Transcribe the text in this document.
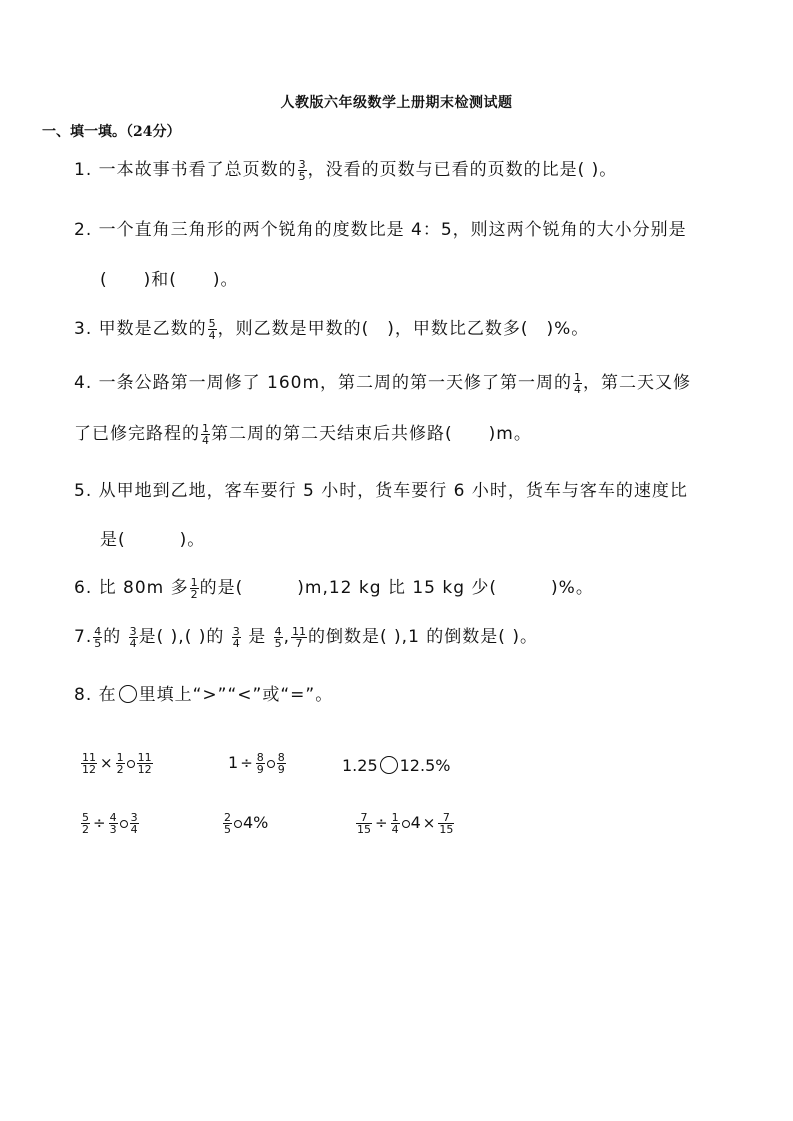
人教版六年级数学上册期末检测试题
一、填一填。（24分）
1. 一本故事书看了总页数的 $\frac{3}{5}$ ，没看的页数与已看的页数的比是( )。
2. 一个直角三角形的两个锐角的度数比是 4：5，则这两个锐角的大小分别是
(　　)和(　　)。
3. 甲数是乙数的 $\frac{5}{4}$ ，则乙数是甲数的(　)，甲数比乙数多(　)%。
4. 一条公路第一周修了 160m，第二周的第一天修了第一周的 $\frac{1}{4}$ ，第二天又修
了已修完路程的 $\frac{1}{4}$ 第二周的第二天结束后共修路(　　)m。
5. 从甲地到乙地，客车要行 5 小时，货车要行 6 小时，货车与客车的速度比
是(　　　)。
6. 比 80m 多 $\frac{1}{2}$ 的是(　　　)m,12 kg 比 15 kg 少(　　　)%。
7. $\frac{4}{5}$ 的 $\frac{3}{4}$ 是( ),( )的 $\frac{3}{4}$ 是 $\frac{4}{5}$ , $\frac{11}{7}$ 的倒数是( ),1 的倒数是( )。
8. 在 里填上“>”“<”或“=”。
$\frac{11}{12} \times \frac{1}{2} \frac{11}{12}$	$1 \div \frac{8}{9} \frac{8}{9}$	1.25 12.5%
$\frac{5}{2} \div \frac{4}{3} \frac{3}{4}$	$\frac{2}{5} 4\%$	$\frac{7}{15} \div \frac{1}{4} 4 \times \frac{7}{15}$
